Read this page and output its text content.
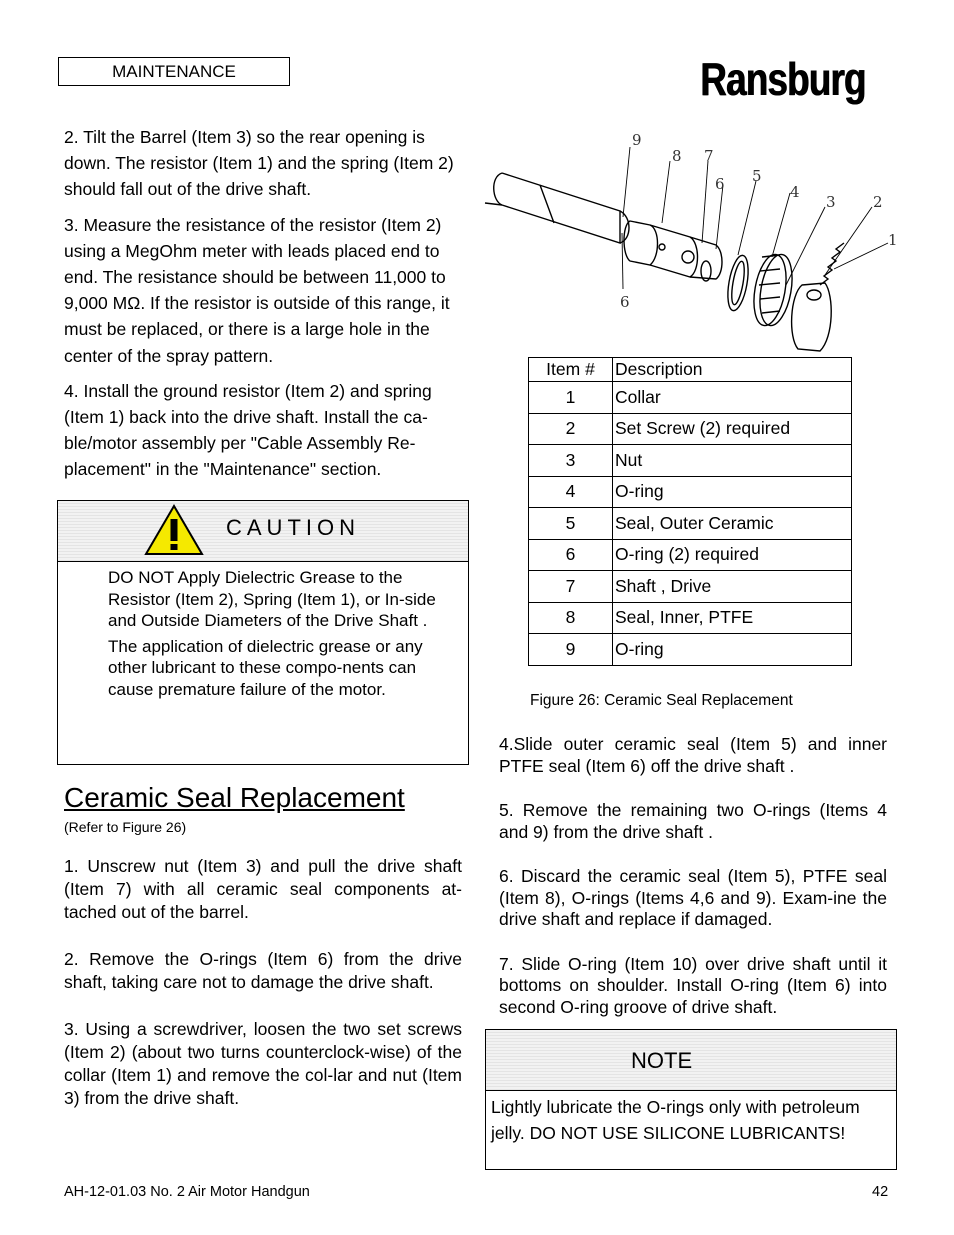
MAINTENANCE	Ransburg

2. Tilt the Barrel (Item 3) so the rear opening is down. The resistor (Item 1) and the spring (Item 2) should fall out of the drive shaft.

3. Measure the resistance of the resistor (Item 2) using a MegOhm meter with leads placed end to end. The resistance should be between 11,000 to 9,000 MΩ. If the resistor is outside of this range, it must be replaced, or there is a large hole in the center of the spray pattern.

4. Install the ground resistor (Item 2) and spring (Item 1) back into the drive shaft. Install the ca-ble/motor assembly per "Cable Assembly Re-placement" in the "Maintenance" section.

CAUTION

DO NOT Apply Dielectric Grease to the Resistor (Item 2), Spring (Item 1), or In-side and Outside Diameters of the Drive Shaft .

The application of dielectric grease or any other lubricant to these compo-nents can cause premature failure of the motor.

Ceramic Seal Replacement
(Refer to Figure 26)

1. Unscrew nut (Item 3) and pull the drive shaft (Item 7) with all ceramic seal components at-tached out of the barrel.

2. Remove the O-rings (Item 6) from the drive shaft, taking care not to damage the drive shaft.

3. Using a screwdriver, loosen the two set screws (Item 2) (about two turns counterclock-wise) of the collar (Item 1) and remove the col-lar and nut (Item 3) from the drive shaft.

9
8 7
6 5
4
3 2
1
6
Item #	Description
1	Collar
2	Set Screw (2) required
3	Nut
4	O-ring
5	Seal, Outer Ceramic
6	O-ring (2) required
7	Shaft , Drive
8	Seal, Inner, PTFE
9	O-ring
Figure 26: Ceramic Seal Replacement

4.Slide outer ceramic seal (Item 5) and inner PTFE seal (Item 6) off the drive shaft .

5. Remove the remaining two O-rings (Items 4 and 9) from the drive shaft .

6. Discard the ceramic seal (Item 5), PTFE seal (Item 8), O-rings (Items 4,6 and 9). Exam-ine the drive shaft and replace if damaged.

7. Slide O-ring (Item 10) over drive shaft until it bottoms on shoulder. Install O-ring (Item 6) into second O-ring groove of drive shaft.

NOTE
Lightly lubricate the O-rings only with petroleum jelly. DO NOT USE SILICONE LUBRICANTS!
AH-12-01.03 No. 2 Air Motor Handgun	42
